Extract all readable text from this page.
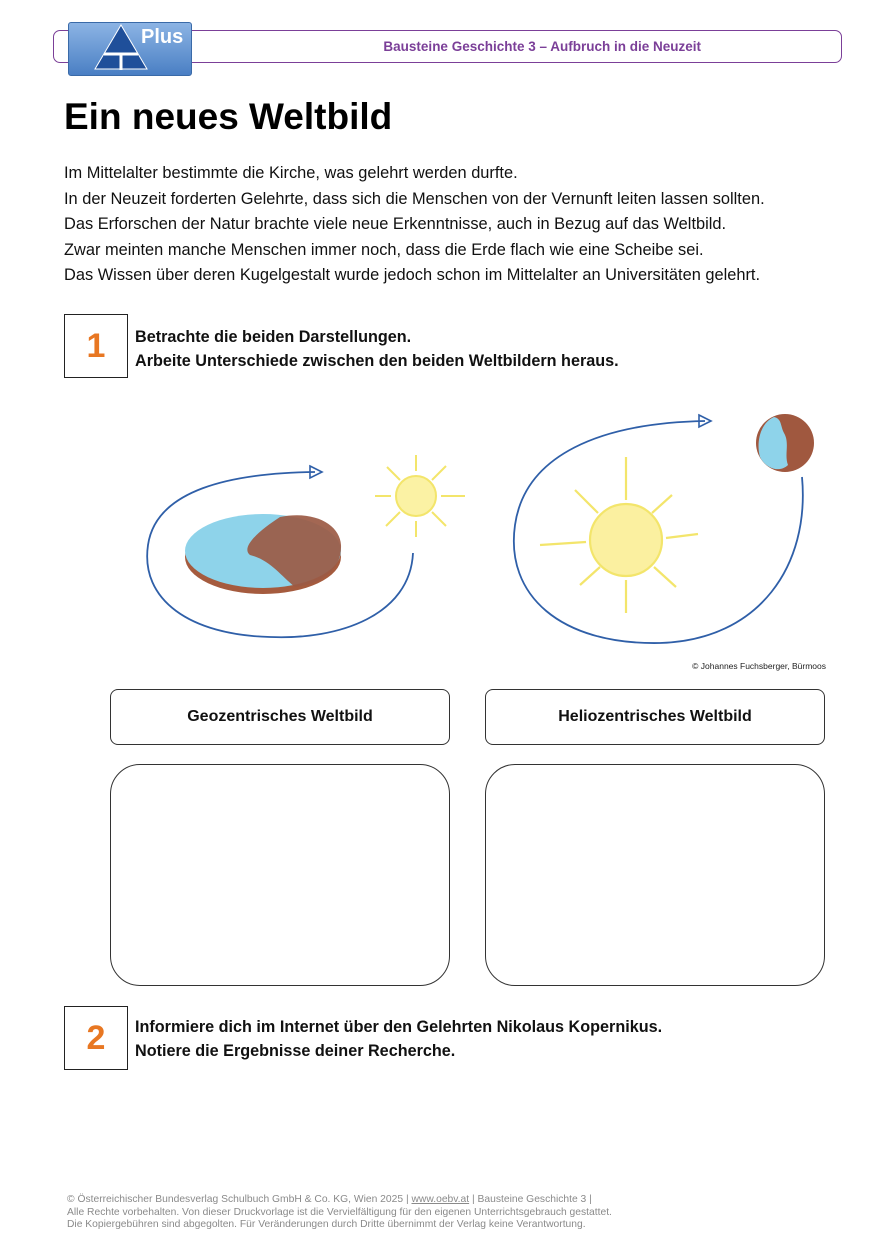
Bausteine Geschichte 3 – Aufbruch in die Neuzeit
Plus
Ein neues Weltbild
Im Mittelalter bestimmte die Kirche, was gelehrt werden durfte.
In der Neuzeit forderten Gelehrte, dass sich die Menschen von der Vernunft leiten lassen sollten.
Das Erforschen der Natur brachte viele neue Erkenntnisse, auch in Bezug auf das Weltbild.
Zwar meinten manche Menschen immer noch, dass die Erde flach wie eine Scheibe sei.
Das Wissen über deren Kugelgestalt wurde jedoch schon im Mittelalter an Universitäten gelehrt.
1	Betrachte die beiden Darstellungen.
Arbeite Unterschiede zwischen den beiden Weltbildern heraus.
© Johannes Fuchsberger, Bürmoos
Geozentrisches Weltbild	Heliozentrisches Weltbild
2	Informiere dich im Internet über den Gelehrten Nikolaus Kopernikus.
Notiere die Ergebnisse deiner Recherche.
© Österreichischer Bundesverlag Schulbuch GmbH & Co. KG, Wien 2025 | www.oebv.at | Bausteine Geschichte 3 |
Alle Rechte vorbehalten. Von dieser Druckvorlage ist die Vervielfältigung für den eigenen Unterrichtsgebrauch gestattet.
Die Kopiergebühren sind abgegolten. Für Veränderungen durch Dritte übernimmt der Verlag keine Verantwortung.
